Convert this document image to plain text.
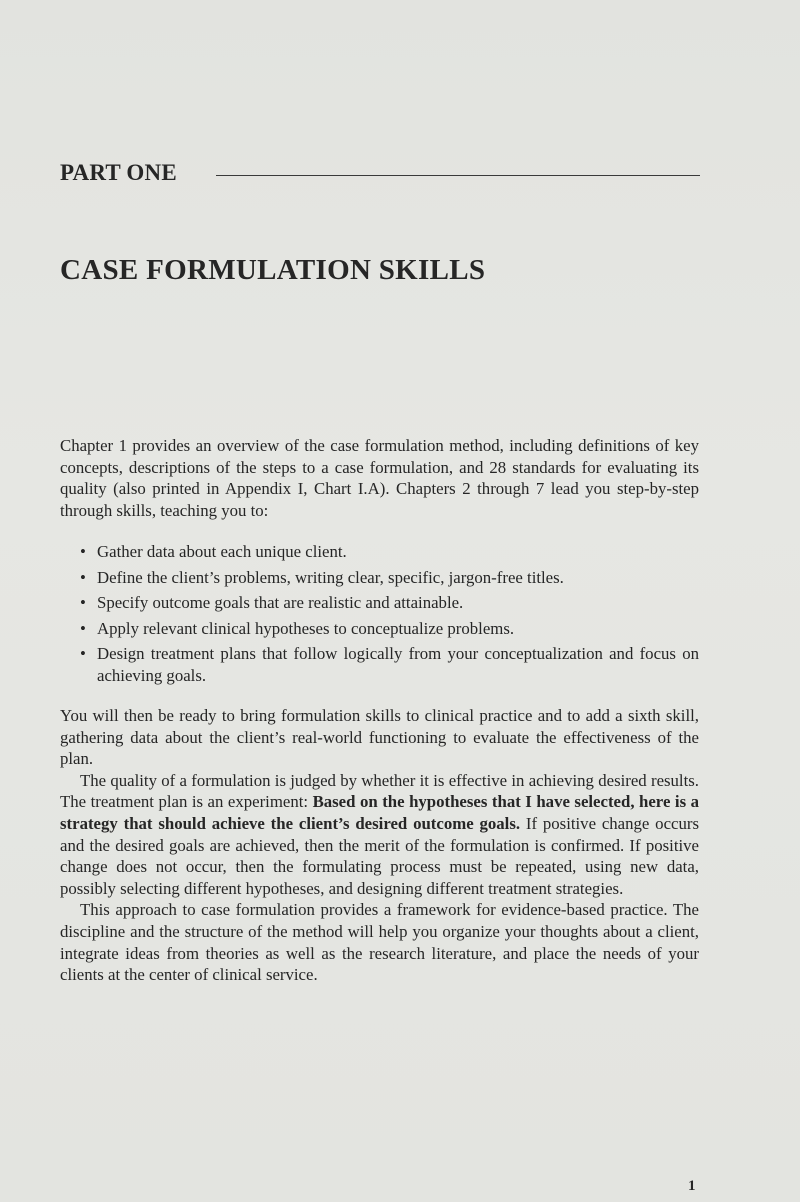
PART ONE
CASE FORMULATION SKILLS
Chapter 1 provides an overview of the case formulation method, including definitions of key concepts, descriptions of the steps to a case formulation, and 28 standards for evaluating its quality (also printed in Appendix I, Chart I.A). Chapters 2 through 7 lead you step-by-step through skills, teaching you to:
• Gather data about each unique client.
• Define the client’s problems, writing clear, specific, jargon-free titles.
• Specify outcome goals that are realistic and attainable.
• Apply relevant clinical hypotheses to conceptualize problems.
• Design treatment plans that follow logically from your conceptualization and focus on achieving goals.

You will then be ready to bring formulation skills to clinical practice and to add a sixth skill, gathering data about the client’s real-world functioning to evaluate the effectiveness of the plan.

The quality of a formulation is judged by whether it is effective in achieving desired results. The treatment plan is an experiment: Based on the hypotheses that I have selected, here is a strategy that should achieve the client’s desired outcome goals. If positive change occurs and the desired goals are achieved, then the merit of the formulation is confirmed. If positive change does not occur, then the formulating process must be repeated, using new data, possibly selecting different hypotheses, and designing different treatment strategies.

This approach to case formulation provides a framework for evidence-based practice. The discipline and the structure of the method will help you organize your thoughts about a client, integrate ideas from theories as well as the research literature, and place the needs of your clients at the center of clinical service.

1
